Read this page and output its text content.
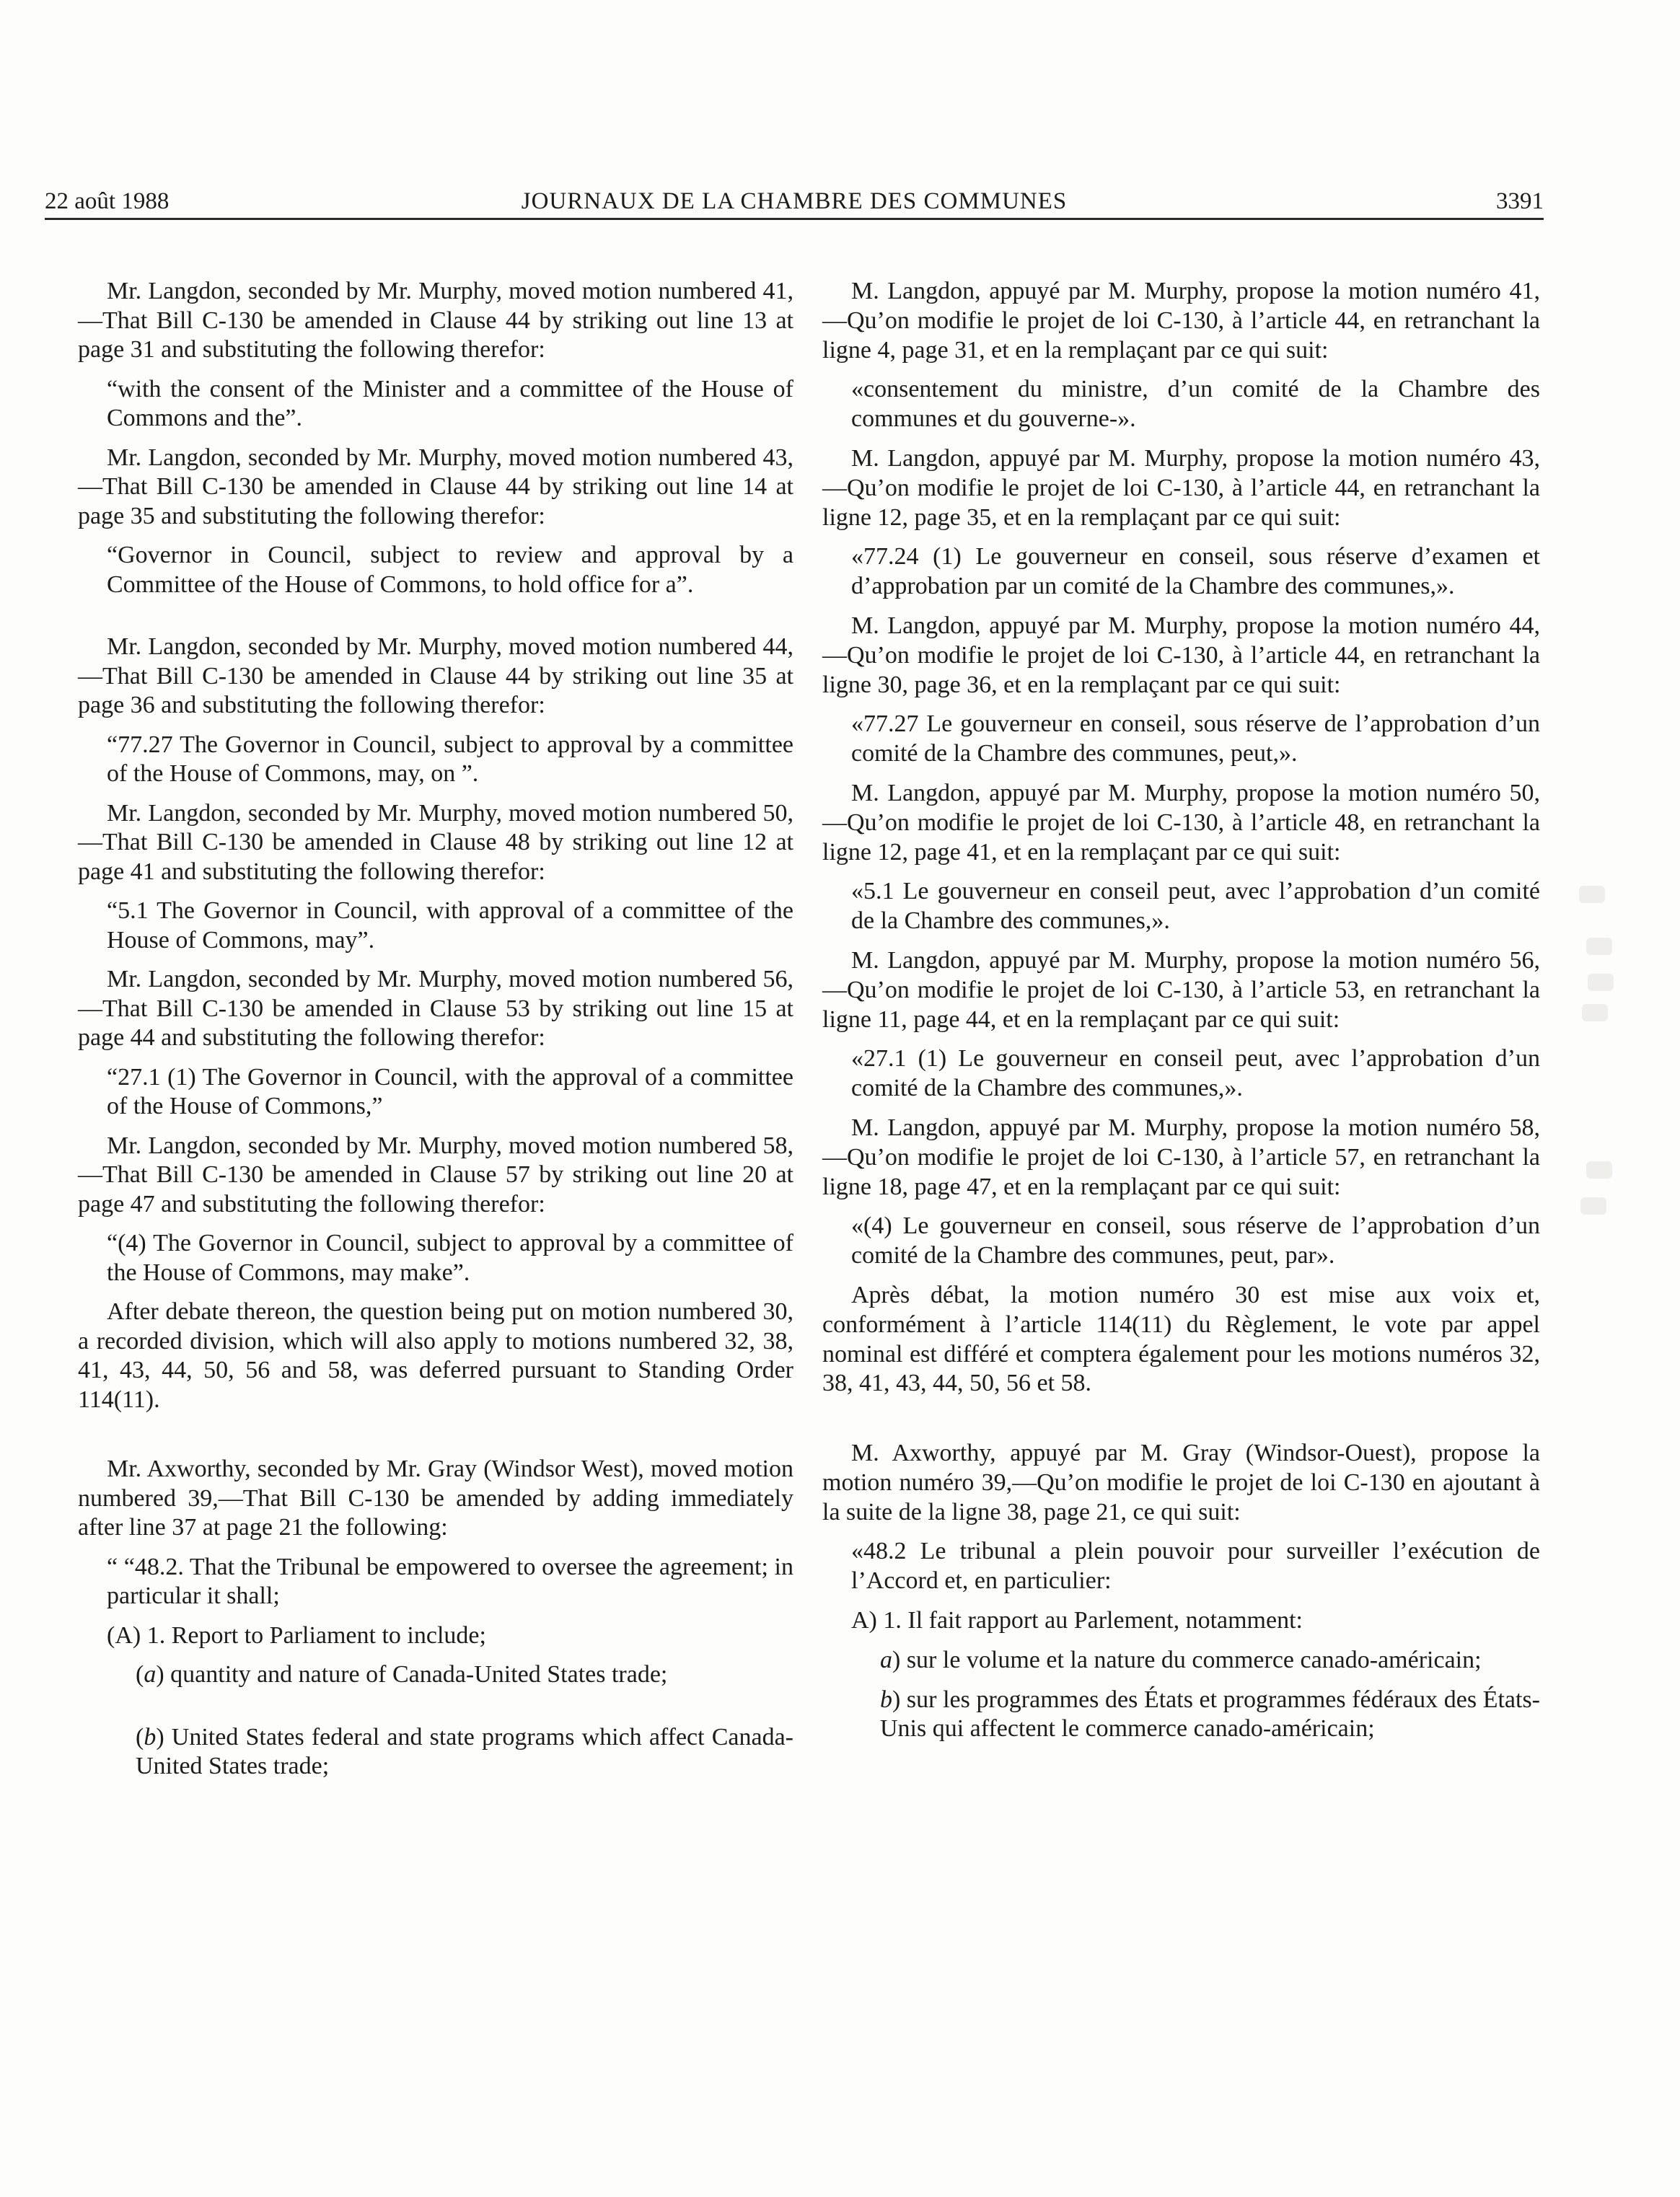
22 août 1988	JOURNAUX DE LA CHAMBRE DES COMMUNES	3391

Mr. Langdon, seconded by Mr. Murphy, moved motion numbered 41,—That Bill C-130 be amended in Clause 44 by striking out line 13 at page 31 and substituting the following therefor:

“with the consent of the Minister and a committee of the House of Commons and the”.

Mr. Langdon, seconded by Mr. Murphy, moved motion numbered 43,—That Bill C-130 be amended in Clause 44 by striking out line 14 at page 35 and substituting the following therefor:

“Governor in Council, subject to review and approval by a Committee of the House of Commons, to hold office for a”.

Mr. Langdon, seconded by Mr. Murphy, moved motion numbered 44,—That Bill C-130 be amended in Clause 44 by striking out line 35 at page 36 and substituting the following therefor:

“77.27 The Governor in Council, subject to approval by a committee of the House of Commons, may, on ”.

Mr. Langdon, seconded by Mr. Murphy, moved motion numbered 50,—That Bill C-130 be amended in Clause 48 by striking out line 12 at page 41 and substituting the following therefor:

“5.1 The Governor in Council, with approval of a committee of the House of Commons, may”.

Mr. Langdon, seconded by Mr. Murphy, moved motion numbered 56,—That Bill C-130 be amended in Clause 53 by striking out line 15 at page 44 and substituting the following therefor:

“27.1 (1) The Governor in Council, with the approval of a committee of the House of Commons,”

Mr. Langdon, seconded by Mr. Murphy, moved motion numbered 58,—That Bill C-130 be amended in Clause 57 by striking out line 20 at page 47 and substituting the following therefor:

“(4) The Governor in Council, subject to approval by a committee of the House of Commons, may make”.

After debate thereon, the question being put on motion numbered 30, a recorded division, which will also apply to motions numbered 32, 38, 41, 43, 44, 50, 56 and 58, was deferred pursuant to Standing Order 114(11).

Mr. Axworthy, seconded by Mr. Gray (Windsor West), moved motion numbered 39,—That Bill C-130 be amended by adding immediately after line 37 at page 21 the following:

“ “48.2. That the Tribunal be empowered to oversee the agreement; in particular it shall;

(A) 1. Report to Parliament to include;

(a) quantity and nature of Canada-United States trade;

(b) United States federal and state programs which affect Canada-United States trade;

M. Langdon, appuyé par M. Murphy, propose la motion numéro 41,—Qu’on modifie le projet de loi C-130, à l’article 44, en retranchant la ligne 4, page 31, et en la remplaçant par ce qui suit:

«consentement du ministre, d’un comité de la Chambre des communes et du gouverne-».

M. Langdon, appuyé par M. Murphy, propose la motion numéro 43,—Qu’on modifie le projet de loi C-130, à l’article 44, en retranchant la ligne 12, page 35, et en la remplaçant par ce qui suit:

«77.24 (1) Le gouverneur en conseil, sous réserve d’examen et d’approbation par un comité de la Chambre des communes,».

M. Langdon, appuyé par M. Murphy, propose la motion numéro 44,—Qu’on modifie le projet de loi C-130, à l’article 44, en retranchant la ligne 30, page 36, et en la remplaçant par ce qui suit:

«77.27 Le gouverneur en conseil, sous réserve de l’approbation d’un comité de la Chambre des communes, peut,».

M. Langdon, appuyé par M. Murphy, propose la motion numéro 50,—Qu’on modifie le projet de loi C-130, à l’article 48, en retranchant la ligne 12, page 41, et en la remplaçant par ce qui suit:

«5.1 Le gouverneur en conseil peut, avec l’approbation d’un comité de la Chambre des communes,».

M. Langdon, appuyé par M. Murphy, propose la motion numéro 56,—Qu’on modifie le projet de loi C-130, à l’article 53, en retranchant la ligne 11, page 44, et en la remplaçant par ce qui suit:

«27.1 (1) Le gouverneur en conseil peut, avec l’approbation d’un comité de la Chambre des communes,».

M. Langdon, appuyé par M. Murphy, propose la motion numéro 58,—Qu’on modifie le projet de loi C-130, à l’article 57, en retranchant la ligne 18, page 47, et en la remplaçant par ce qui suit:

«(4) Le gouverneur en conseil, sous réserve de l’approbation d’un comité de la Chambre des communes, peut, par».

Après débat, la motion numéro 30 est mise aux voix et, conformément à l’article 114(11) du Règlement, le vote par appel nominal est différé et comptera également pour les motions numéros 32, 38, 41, 43, 44, 50, 56 et 58.

M. Axworthy, appuyé par M. Gray (Windsor-Ouest), propose la motion numéro 39,—Qu’on modifie le projet de loi C-130 en ajoutant à la suite de la ligne 38, page 21, ce qui suit:

«48.2 Le tribunal a plein pouvoir pour surveiller l’exécution de l’Accord et, en particulier:

A) 1. Il fait rapport au Parlement, notamment:

a) sur le volume et la nature du commerce canado-américain;

b) sur les programmes des États et programmes fédéraux des États-Unis qui affectent le commerce canado-américain;
